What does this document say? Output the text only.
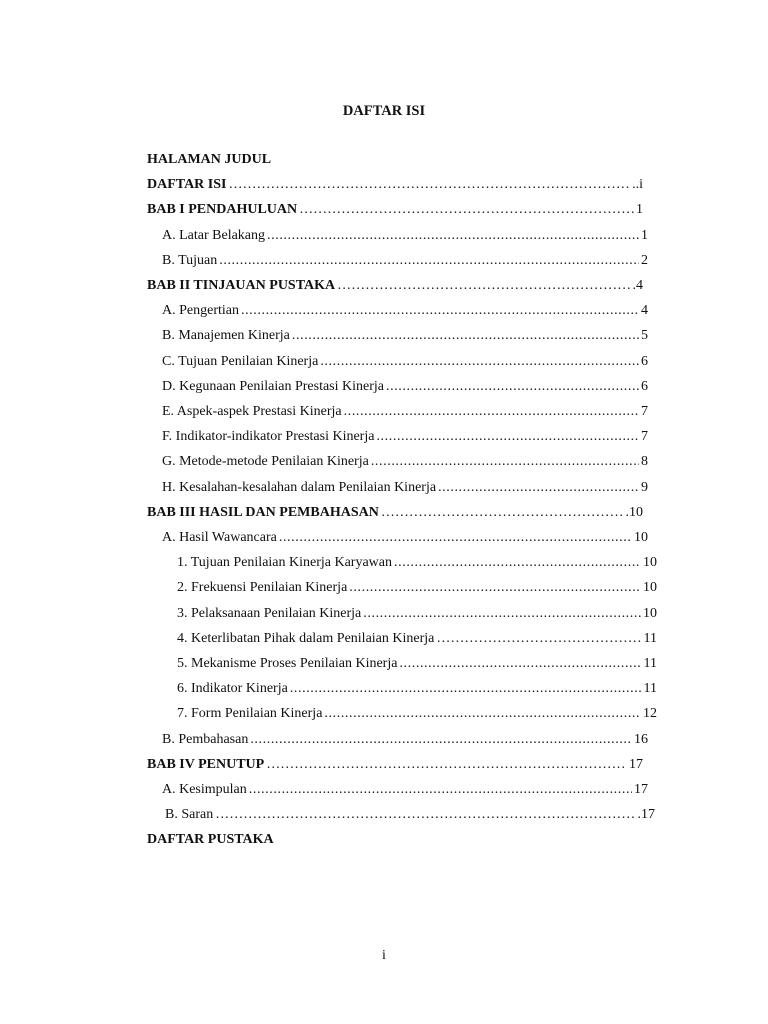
DAFTAR ISI
HALAMAN JUDUL
DAFTAR ISI …………………………………………………………………………………………………………………………………………	..i
BAB I PENDAHULUAN …………………………………………………………………………………………………………………………………………	1
A. Latar Belakang .....	1
B. Tujuan .....	2
BAB II TINJAUAN PUSTAKA …………………………………………………………………………………………………………………………………………	.4
A. Pengertian .....	4
B. Manajemen Kinerja .....	5
C. Tujuan Penilaian Kinerja .....	6
D. Kegunaan Penilaian Prestasi Kinerja .....	6
E. Aspek-aspek Prestasi Kinerja .....	7
F. Indikator-indikator Prestasi Kinerja .....	7
G. Metode-metode Penilaian Kinerja .....	8
H. Kesalahan-kesalahan dalam Penilaian Kinerja .....	9
BAB III HASIL DAN PEMBAHASAN …………………………………………………………………………………………………………………………………………	.10
A. Hasil Wawancara .....	10
1. Tujuan Penilaian Kinerja Karyawan .....	10
2. Frekuensi Penilaian Kinerja .....	10
3. Pelaksanaan Penilaian Kinerja .....	10
4. Keterlibatan Pihak dalam Penilaian Kinerja …………………………………………………………………………………………………………………………………………	11
5. Mekanisme Proses Penilaian Kinerja .....	11
6. Indikator Kinerja .....	11
7. Form Penilaian Kinerja .....	12
B. Pembahasan .....	16
BAB IV PENUTUP …………………………………………………………………………………………………………………………………………	17
A. Kesimpulan .....	17
B. Saran …………………………………………………………………………………………………………………………………………	.17
DAFTAR PUSTAKA
i
